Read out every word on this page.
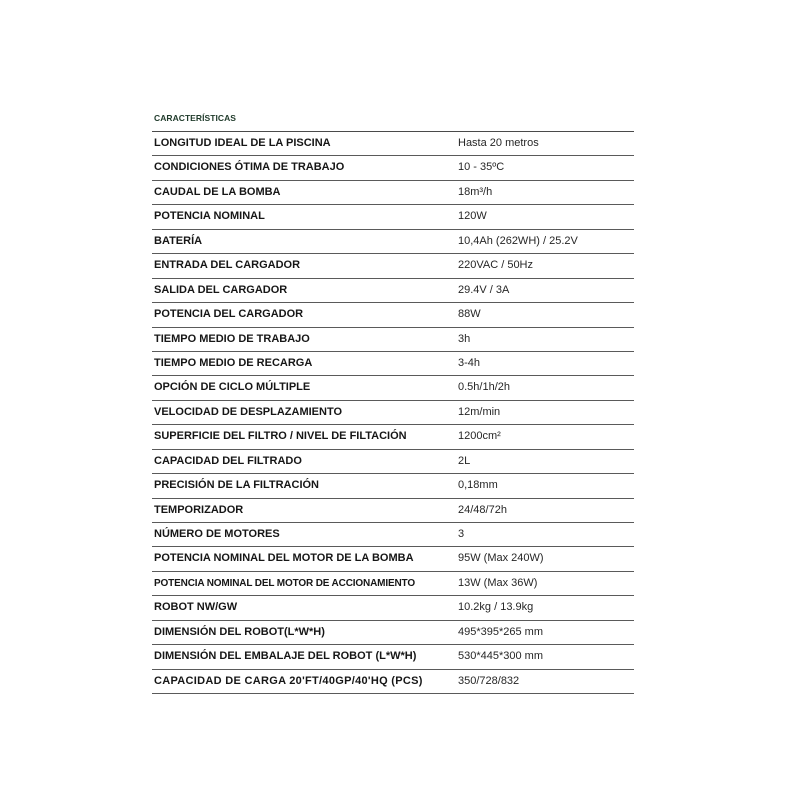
CARACTERÍSTICAS
LONGITUD IDEAL DE LA PISCINA	Hasta 20 metros
CONDICIONES ÓTIMA DE TRABAJO	10 - 35ºC
CAUDAL DE LA BOMBA	18m³/h
POTENCIA NOMINAL	120W
BATERÍA	10,4Ah (262WH) / 25.2V
ENTRADA DEL CARGADOR	220VAC / 50Hz
SALIDA DEL CARGADOR	29.4V / 3A
POTENCIA DEL CARGADOR	88W
TIEMPO MEDIO DE TRABAJO	3h
TIEMPO MEDIO DE RECARGA	3-4h
OPCIÓN DE CICLO MÚLTIPLE	0.5h/1h/2h
VELOCIDAD DE DESPLAZAMIENTO	12m/min
SUPERFICIE DEL FILTRO / NIVEL DE FILTACIÓN	1200cm²
CAPACIDAD DEL FILTRADO	2L
PRECISIÓN DE LA FILTRACIÓN	0,18mm
TEMPORIZADOR	24/48/72h
NÚMERO DE MOTORES	3
POTENCIA NOMINAL DEL MOTOR DE LA BOMBA	95W (Max 240W)
POTENCIA NOMINAL DEL MOTOR DE ACCIONAMIENTO	13W (Max 36W)
ROBOT NW/GW	10.2kg / 13.9kg
DIMENSIÓN DEL ROBOT(L*W*H)	495*395*265 mm
DIMENSIÓN DEL EMBALAJE DEL ROBOT (L*W*H)	530*445*300 mm
CAPACIDAD DE CARGA 20'FT/40GP/40'HQ (PCS)	350/728/832
